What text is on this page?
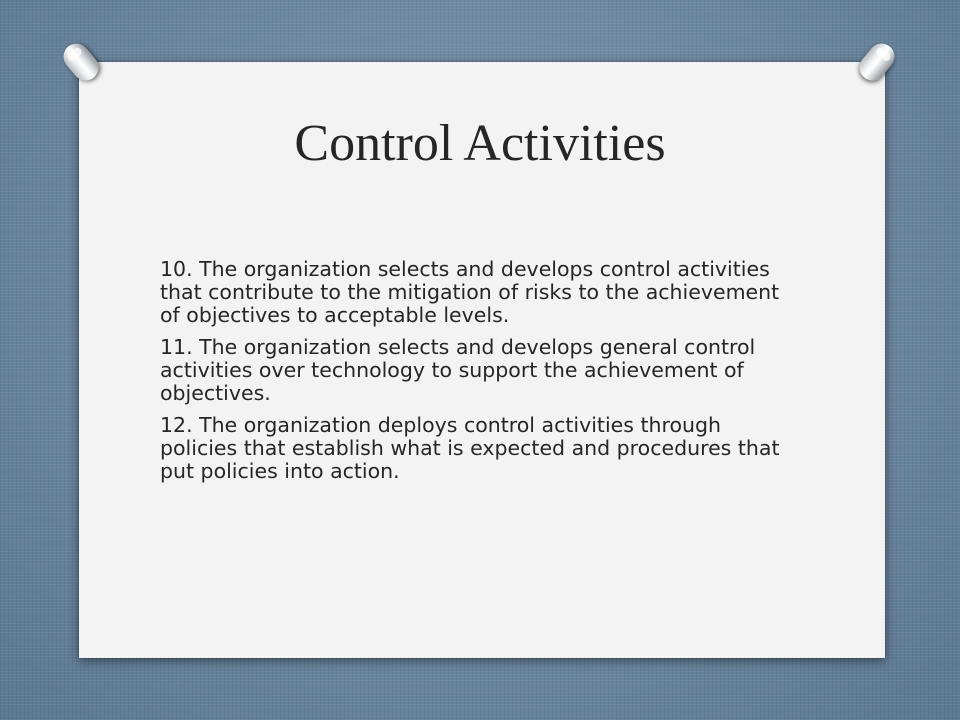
Control Activities
10. The organization selects and develops control activities that contribute to the mitigation of risks to the achievement of objectives to acceptable levels.
11. The organization selects and develops general control activities over technology to support the achievement of objectives.
12. The organization deploys control activities through policies that establish what is expected and procedures that put policies into action.
